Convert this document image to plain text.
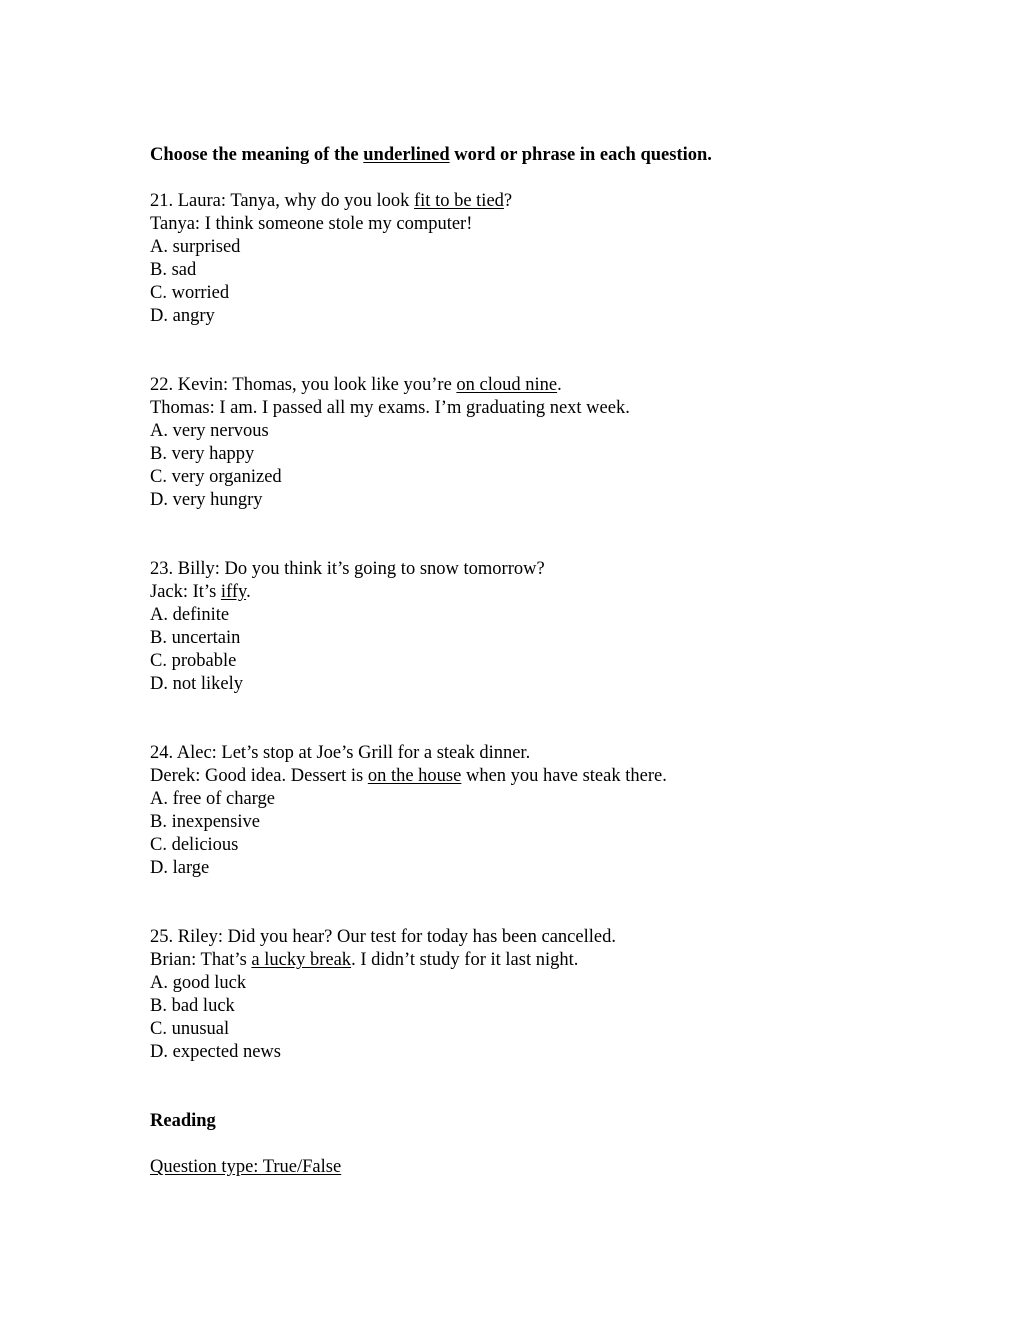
Choose the meaning of the underlined word or phrase in each question.

21. Laura: Tanya, why do you look fit to be tied?

Tanya: I think someone stole my computer!

A. surprised

B. sad

C. worried

D. angry

22. Kevin: Thomas, you look like you’re on cloud nine.

Thomas: I am. I passed all my exams. I’m graduating next week.

A. very nervous

B. very happy

C. very organized

D. very hungry

23. Billy: Do you think it’s going to snow tomorrow?

Jack: It’s iffy.

A. definite

B. uncertain

C. probable

D. not likely

24. Alec: Let’s stop at Joe’s Grill for a steak dinner.

Derek: Good idea. Dessert is on the house when you have steak there.

A. free of charge

B. inexpensive

C. delicious

D. large

25. Riley: Did you hear? Our test for today has been cancelled.

Brian: That’s a lucky break. I didn’t study for it last night.

A. good luck

B. bad luck

C. unusual

D. expected news

Reading

Question type: True/False
